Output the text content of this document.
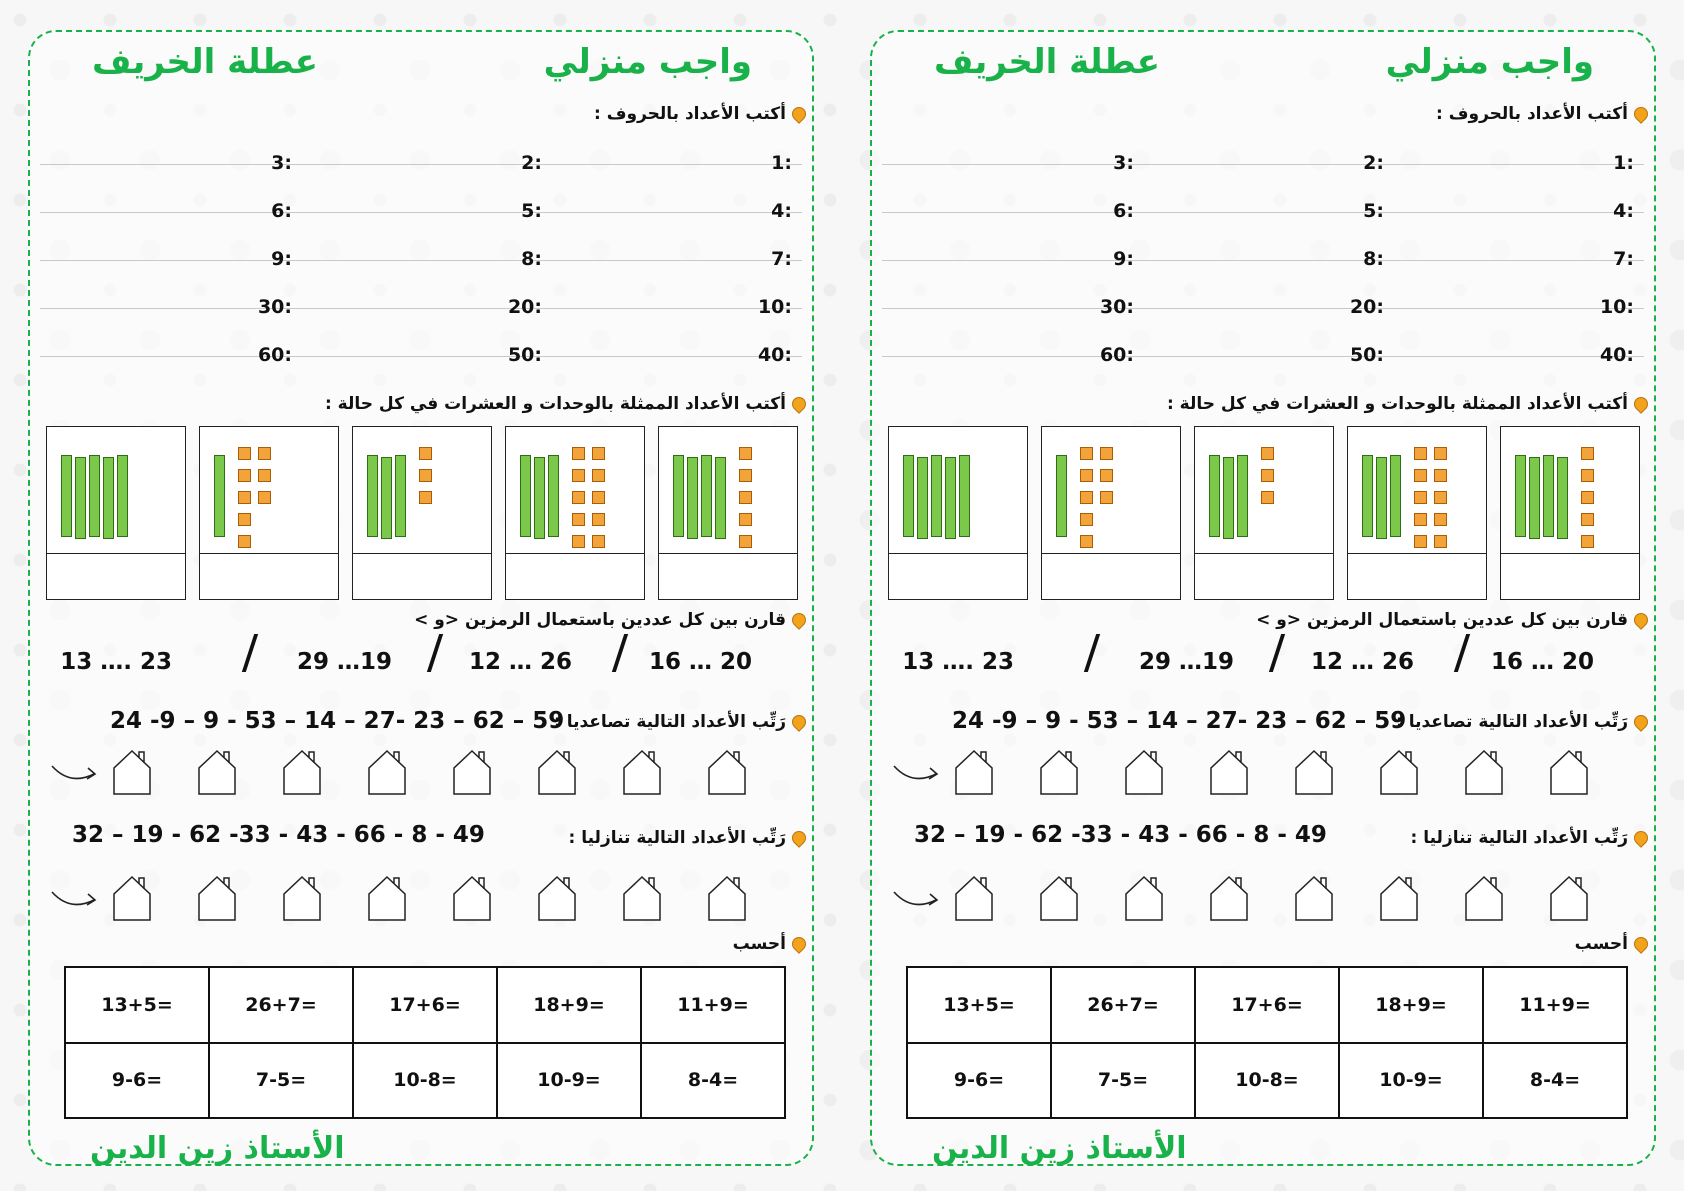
واجب منزلي
عطلة الخريف
أكتب الأعداد بالحروف :
:1
:2
:3
:4
:5
:6
:7
:8
:9
:10
:20
:30
:40
:50
:60
أكتب الأعداد الممثلة بالوحدات و العشرات في كل حالة :
قارن بين كل عددين باستعمال الرمزين <و >
16 … 20
12 … 26
29 …19
13 …. 23
رَتِّب الأعداد التالية تصاعديا :
24 -9 – 9 - 53 – 14 – 27- 23 – 62 – 59
رَتِّب الأعداد التالية تنازليا :
32 – 19 - 62 -33 - 43 - 66 - 8 - 49
أحسب
11+9=	18+9=	17+6=	26+7=	13+5=
8-4=	10-9=	10-8=	7-5=	9-6=
الأستاذ زين الدين
واجب منزلي
عطلة الخريف
أكتب الأعداد بالحروف :
:1
:2
:3
:4
:5
:6
:7
:8
:9
:10
:20
:30
:40
:50
:60
أكتب الأعداد الممثلة بالوحدات و العشرات في كل حالة :
قارن بين كل عددين باستعمال الرمزين <و >
16 … 20
12 … 26
29 …19
13 …. 23
رَتِّب الأعداد التالية تصاعديا :
24 -9 – 9 - 53 – 14 – 27- 23 – 62 – 59
رَتِّب الأعداد التالية تنازليا :
32 – 19 - 62 -33 - 43 - 66 - 8 - 49
أحسب
11+9=	18+9=	17+6=	26+7=	13+5=
8-4=	10-9=	10-8=	7-5=	9-6=
الأستاذ زين الدين
